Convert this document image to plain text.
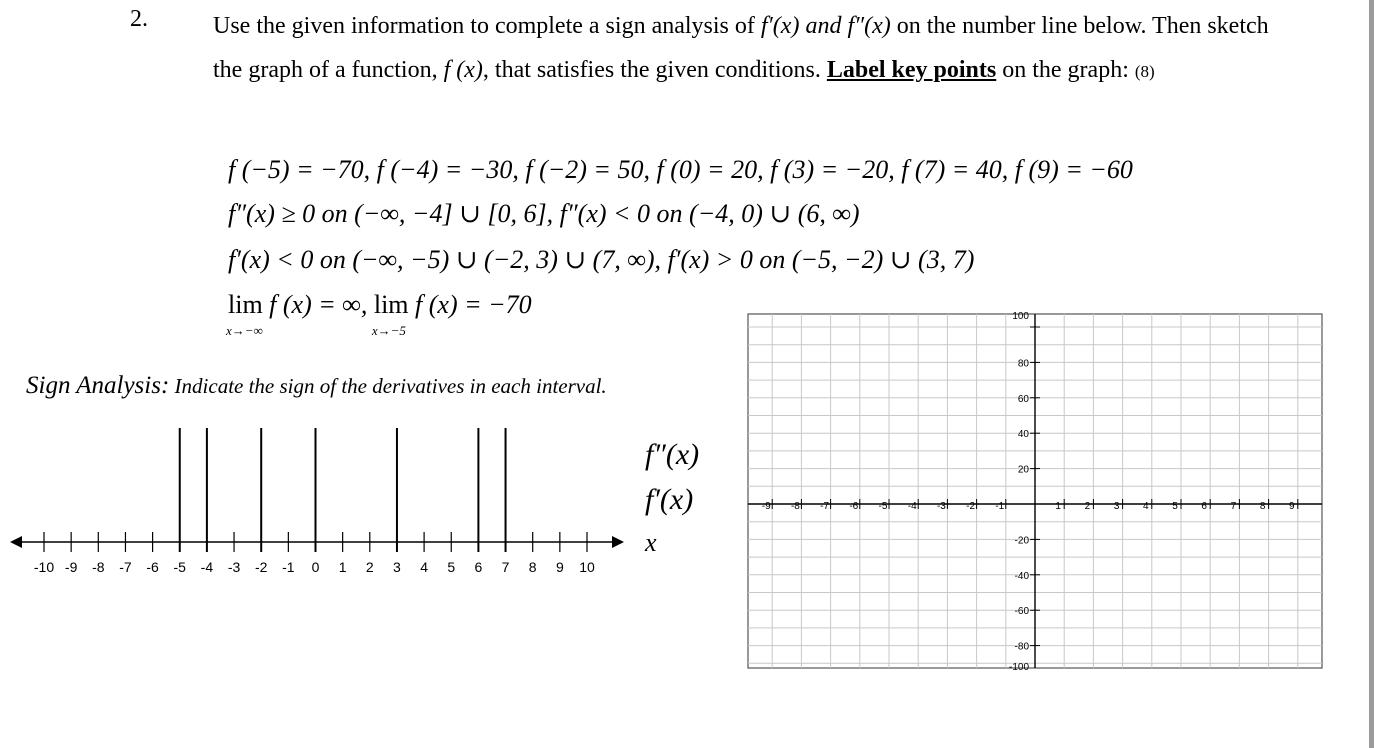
2.	Use the given information to complete a sign analysis of f′(x) and f″(x) on the number line below. Then sketch the graph of a function, f (x), that satisfies the given conditions. Label key points on the graph: (8)
f (−5) = −70, f (−4) = −30, f (−2) = 50, f (0) = 20, f (3) = −20, f (7) = 40, f (9) = −60
f″(x) ≥ 0 on (−∞, −4] ∪ [0, 6], f″(x) < 0 on (−4, 0) ∪ (6, ∞)
f′(x) < 0 on (−∞, −5) ∪ (−2, 3) ∪ (7, ∞), f′(x) > 0 on (−5, −2) ∪ (3, 7)
lim
x→−∞
f (x) = ∞, lim
x→−5
f (x) = −70
Sign Analysis: Indicate the sign of the derivatives in each interval.
f″(x)
f′(x)
x
-10 -9 -8 -7 -6 -5 -4 -3 -2 -1 0 1 2 3 4 5 6 7 8 9 10
-9 -8 -7 -6 -5 -4 -3 -2 -1	1 2 3 4 5 6 7 8 9
100
80
60
40
20
-20
-40
-60
-80
-100
